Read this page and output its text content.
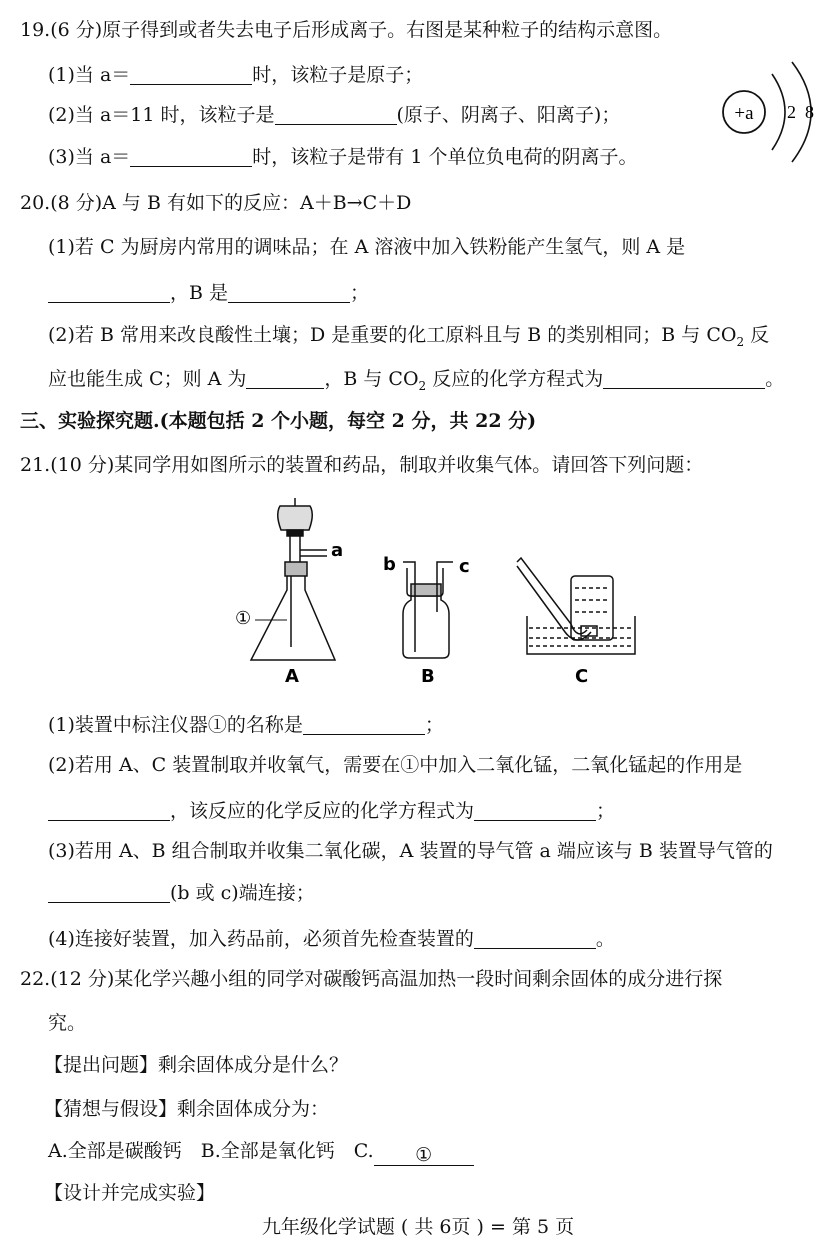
19.(6 分)原子得到或者失去电子后形成离子。右图是某种粒子的结构示意图。
(1)当 a＝	时，该粒子是原子；
(2)当 a＝11 时，该粒子是	(原子、阴离子、阳离子)；
(3)当 a＝	时，该粒子是带有 1 个单位负电荷的阴离子。
+a 2 8
20.(8 分)A 与 B 有如下的反应：A＋B→C＋D
(1)若 C 为厨房内常用的调味品；在 A 溶液中加入铁粉能产生氢气，则 A 是
，B 是	；
(2)若 B 常用来改良酸性土壤；D 是重要的化工原料且与 B 的类别相同；B 与 $CO_2$ 反
应也能生成 C；则 A 为	，B 与 $CO_2$ 反应的化学方程式为	。
三、实验探究题.(本题包括 2 个小题，每空 2 分，共 22 分)
21.(10 分)某同学用如图所示的装置和药品，制取并收集气体。请回答下列问题：
①
a
A
b	c
B	C
(1)装置中标注仪器①的名称是	；
(2)若用 A、C 装置制取并收氧气，需要在①中加入二氧化锰，二氧化锰起的作用是
，该反应的化学反应的化学方程式为	；
(3)若用 A、B 组合制取并收集二氧化碳，A 装置的导气管 a 端应该与 B 装置导气管的
(b 或 c)端连接；
(4)连接好装置，加入药品前，必须首先检查装置的	。
22.(12 分)某化学兴趣小组的同学对碳酸钙高温加热一段时间剩余固体的成分进行探
究。
【提出问题】剩余固体成分是什么？
【猜想与假设】剩余固体成分为：
A.全部是碳酸钙　B.全部是氧化钙　C. ①
【设计并完成实验】
九年级化学试题 ( 共 6页 ) = 第 5 页
